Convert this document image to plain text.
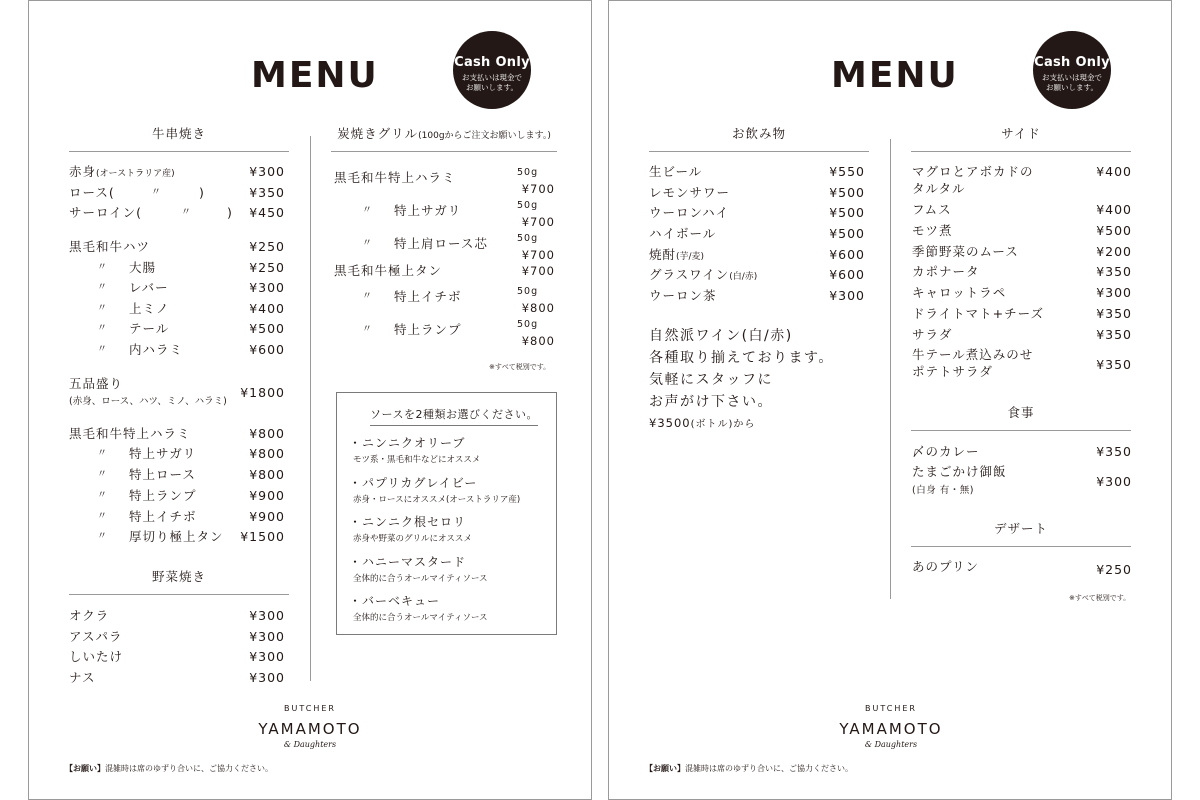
MENU	Cash Only
お支払いは現金で
お願いします。
牛串焼き
赤身(オーストラリア産)	¥300
ロース(	〃	)	¥350
サーロイン(	〃	) ¥450
黒毛和牛ハツ	¥250
〃 大腸	¥250
〃 レバー	¥300
〃 上ミノ	¥400
〃 テール	¥500
〃 内ハラミ	¥600
五品盛り
¥1800
(赤身、ロース、ハツ、ミノ、ハラミ)
黒毛和牛特上ハラミ	¥800
〃 特上サガリ	¥800
〃 特上ロース	¥800
〃 特上ランプ	¥900
〃 特上イチボ	¥900
〃 厚切り極上タン ¥1500
野菜焼き
オクラ	¥300
アスパラ	¥300
しいたけ	¥300
ナス	¥300
炭焼きグリル(100gからご注文お願いします。)
黒毛和牛特上ハラミ	50g
¥700
〃 特上サガリ	50g
¥700
〃 特上肩ロース芯	50g
¥700
黒毛和牛極上タン	¥700
〃 特上イチボ	50g
¥800
〃 特上ランプ	50g
¥800
※すべて税別です。
ソースを2種類お選びください。
・ニンニクオリーブ
モツ系・黒毛和牛などにオススメ
・パプリカグレイビー
赤身・ロースにオススメ(オーストラリア産)
・ニンニク根セロリ
赤身や野菜のグリルにオススメ
・ハニーマスタード
全体的に合うオールマイティソース
・バーベキュー
全体的に合うオールマイティソース
BUTCHER
YAMAMOTO
& Daughters
【お願い】混雑時は席のゆずり合いに、ご協力ください。
MENU	Cash Only
お支払いは現金で
お願いします。
お飲み物
生ビール	¥550
レモンサワー	¥500
ウーロンハイ	¥500
ハイボール	¥500
焼酎(芋/麦)	¥600
グラスワイン(白/赤)	¥600
ウーロン茶	¥300
自然派ワイン(白/赤)
各種取り揃えております。
気軽にスタッフに
お声がけ下さい。
¥3500(ボトル)から
サイド
マグロとアボカドの	¥400
タルタル
フムス	¥400
モツ煮	¥500
季節野菜のムース	¥200
カポナータ	¥350
キャロットラペ	¥300
ドライトマト+チーズ	¥350
サラダ	¥350
牛テール煮込みのせ
¥350
ポテトサラダ
食事
〆のカレー	¥350
たまごかけ御飯
¥300
(白身 有・無)
デザート
あのプリン	¥250
※すべて税別です。
BUTCHER
YAMAMOTO
& Daughters
【お願い】混雑時は席のゆずり合いに、ご協力ください。
